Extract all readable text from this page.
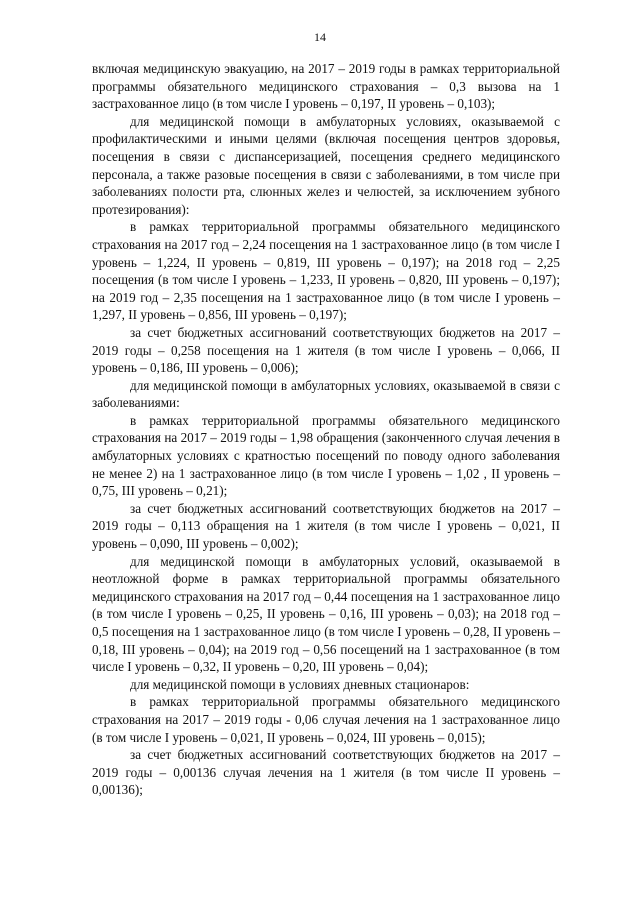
14

включая медицинскую эвакуацию, на 2017 – 2019 годы в рамках территориальной программы обязательного медицинского страхования – 0,3 вызова на 1 застрахованное лицо (в том числе I уровень – 0,197, II уровень – 0,103);

для медицинской помощи в амбулаторных условиях, оказываемой с профилактическими и иными целями (включая посещения центров здоровья, посещения в связи с диспансеризацией, посещения среднего медицинского персонала, а также разовые посещения в связи с заболеваниями, в том числе при заболеваниях полости рта, слюнных желез и челюстей, за исключением зубного протезирования):

в рамках территориальной программы обязательного медицинского страхования на 2017 год – 2,24 посещения на 1 застрахованное лицо (в том числе I уровень – 1,224, II уровень – 0,819, III уровень – 0,197); на 2018 год – 2,25 посещения (в том числе I уровень – 1,233, II уровень – 0,820, III уровень – 0,197); на 2019 год – 2,35 посещения на 1 застрахованное лицо (в том числе I уровень – 1,297, II уровень – 0,856, III уровень – 0,197);

за счет бюджетных ассигнований соответствующих бюджетов на 2017 – 2019 годы – 0,258 посещения на 1 жителя (в том числе I уровень – 0,066, II уровень – 0,186, III уровень – 0,006);

для медицинской помощи в амбулаторных условиях, оказываемой в связи с заболеваниями:

в рамках территориальной программы обязательного медицинского страхования на 2017 – 2019 годы – 1,98 обращения (законченного случая лечения в амбулаторных условиях с кратностью посещений по поводу одного заболевания не менее 2) на 1 застрахованное лицо (в том числе I уровень – 1,02 , II уровень – 0,75, III уровень – 0,21);

за счет бюджетных ассигнований соответствующих бюджетов на 2017 – 2019 годы – 0,113 обращения на 1 жителя (в том числе I уровень – 0,021, II уровень – 0,090, III уровень – 0,002);

для медицинской помощи в амбулаторных условий, оказываемой в неотложной форме в рамках территориальной программы обязательного медицинского страхования на 2017 год – 0,44 посещения на 1 застрахованное лицо (в том числе I уровень – 0,25, II уровень – 0,16, III уровень – 0,03); на 2018 год – 0,5 посещения на 1 застрахованное лицо (в том числе I уровень – 0,28, II уровень – 0,18, III уровень – 0,04); на 2019 год – 0,56 посещений на 1 застрахованное (в том числе I уровень – 0,32, II уровень – 0,20, III уровень – 0,04);

для медицинской помощи в условиях дневных стационаров:

в рамках территориальной программы обязательного медицинского страхования на 2017 – 2019 годы - 0,06 случая лечения на 1 застрахованное лицо (в том числе I уровень – 0,021, II уровень – 0,024, III уровень – 0,015);

за счет бюджетных ассигнований соответствующих бюджетов на 2017 – 2019 годы – 0,00136 случая лечения на 1 жителя (в том числе II уровень – 0,00136);
